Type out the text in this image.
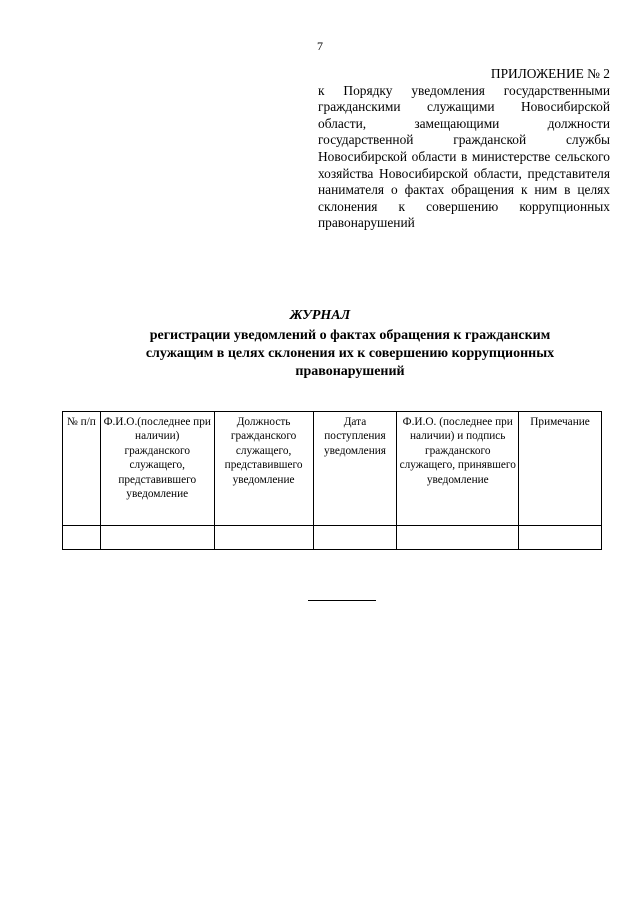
7
ПРИЛОЖЕНИЕ № 2
к Порядку уведомления государственными гражданскими служащими Новосибирской области, замещающими должности государственной гражданской службы Новосибирской области в министерстве сельского хозяйства Новосибирской области, представителя нанимателя о фактах обращения к ним в целях склонения к совершению коррупционных правонарушений
ЖУРНАЛ
регистрации уведомлений о фактах обращения к гражданским служащим в целях склонения их к совершению коррупционных правонарушений
№ п/п	Ф.И.О.(последнее при наличии) гражданского служащего, представившего уведомление	Должность гражданского служащего, представившего уведомление	Дата поступления уведомления	Ф.И.О. (последнее при наличии) и подпись гражданского служащего, принявшего уведомление	Примечание
